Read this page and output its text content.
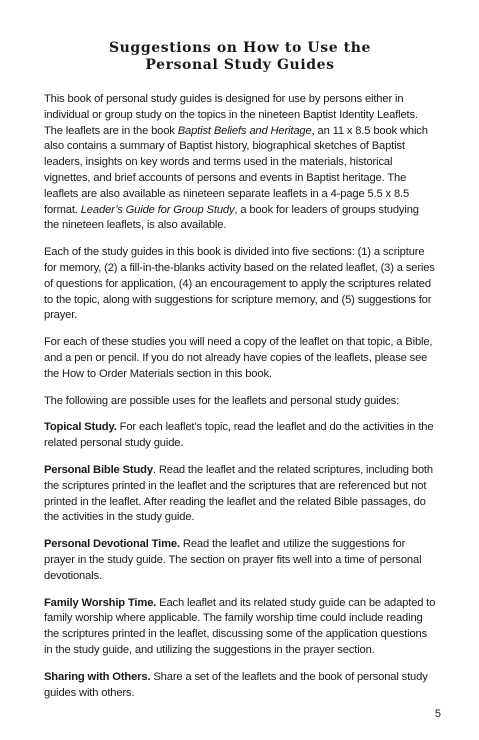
Suggestions on How to Use the
Personal Study Guides

This book of personal study guides is designed for use by persons either in individual or group study on the topics in the nineteen Baptist Identity Leaflets. The leaflets are in the book Baptist Beliefs and Heritage, an 11 x 8.5 book which also contains a summary of Baptist history, biographical sketches of Baptist leaders, insights on key words and terms used in the materials, historical vignettes, and brief accounts of persons and events in Baptist heritage. The leaflets are also available as nineteen separate leaflets in a 4-page 5.5 x 8.5 format. Leader’s Guide for Group Study, a book for leaders of groups studying the nineteen leaflets, is also available.

Each of the study guides in this book is divided into five sections: (1) a scripture for memory, (2) a fill-in-the-blanks activity based on the related leaflet, (3) a series of questions for application, (4) an encouragement to apply the scriptures related to the topic, along with suggestions for scripture memory, and (5) suggestions for prayer.

For each of these studies you will need a copy of the leaflet on that topic, a Bible, and a pen or pencil. If you do not already have copies of the leaflets, please see the How to Order Materials section in this book.

The following are possible uses for the leaflets and personal study guides:

Topical Study. For each leaflet’s topic, read the leaflet and do the activities in the related personal study guide.

Personal Bible Study. Read the leaflet and the related scriptures, including both the scriptures printed in the leaflet and the scriptures that are referenced but not printed in the leaflet. After reading the leaflet and the related Bible passages, do the activities in the study guide.

Personal Devotional Time. Read the leaflet and utilize the suggestions for prayer in the study guide. The section on prayer fits well into a time of personal devotionals.

Family Worship Time. Each leaflet and its related study guide can be adapted to family worship where applicable. The family worship time could include reading the scriptures printed in the leaflet, discussing some of the application questions in the study guide, and utilizing the suggestions in the prayer section.

Sharing with Others. Share a set of the leaflets and the book of personal study guides with others.

5
